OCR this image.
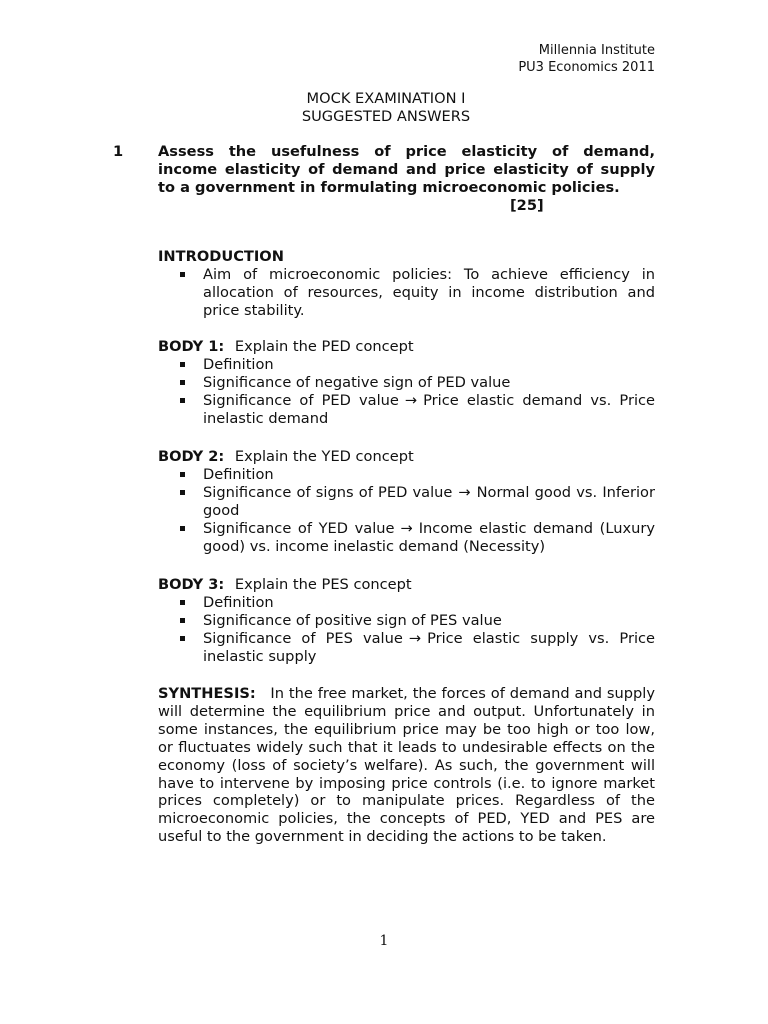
Millennia Institute
PU3 Economics 2011
MOCK EXAMINATION I
SUGGESTED ANSWERS
1 Assess the usefulness of price elasticity of demand,
income elasticity of demand and price elasticity of supply
to a government in formulating microeconomic policies.
[25]
INTRODUCTION
Aim of microeconomic policies: To achieve efficiency in allocation of resources, equity in income distribution and price stability.
BODY 1: Explain the PED concept
Definition
Significance of negative sign of PED value
Significance of PED value → Price elastic demand vs. Price inelastic demand
BODY 2: Explain the YED concept
Definition
Significance of signs of PED value → Normal good vs. Inferior good
Significance of YED value → Income elastic demand (Luxury good) vs. income inelastic demand (Necessity)
BODY 3: Explain the PES concept
Definition
Significance of positive sign of PES value
Significance of PES value → Price elastic supply vs. Price inelastic supply
SYNTHESIS: In the free market, the forces of demand and supply will determine the equilibrium price and output. Unfortunately in some instances, the equilibrium price may be too high or too low, or fluctuates widely such that it leads to undesirable effects on the economy (loss of society’s welfare). As such, the government will have to intervene by imposing price controls (i.e. to ignore market prices completely) or to manipulate prices. Regardless of the microeconomic policies, the concepts of PED, YED and PES are useful to the government in deciding the actions to be taken.
1
